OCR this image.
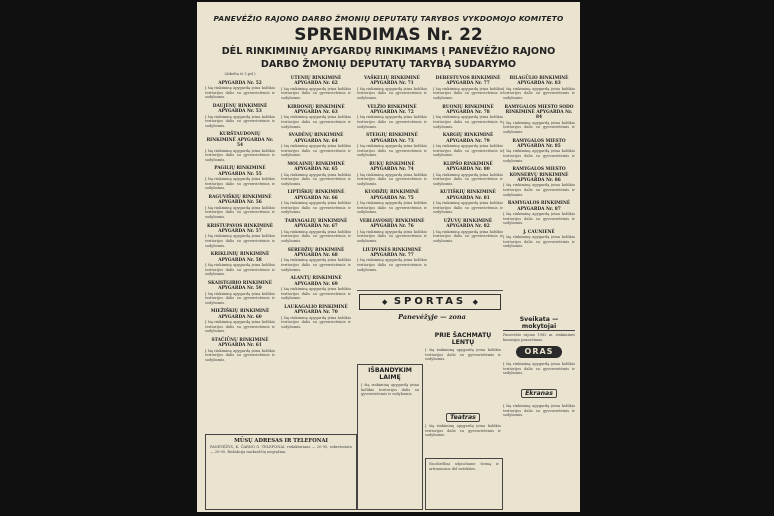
PANEVĖŽIO RAJONO DARBO ŽMONIŲ DEPUTATŲ TARYBOS VYKDOMOJO KOMITETO
SPRENDIMAS Nr. 22
DĖL RINKIMINIŲ APYGARDŲ RINKIMAMS Į PANEVĖŽIO RAJONO
DARBO ŽMONIŲ DEPUTATŲ TARYBĄ SUDARYMO
(Atkelta iš 3 psl.)
APYGARDA Nr. 52
Į šią rinkiminę apygardą įeina kolūkio teritorijos dalis su gyvenvietėmis ir sodybomis.
DAUJĖNŲ RINKIMINĖ APYGARDA Nr. 53
Į šią rinkiminę apygardą įeina kolūkio teritorijos dalis su gyvenvietėmis ir sodybomis.
KURŠTAUDONIŲ RINKIMINĖ APYGARDA Nr. 54
Į šią rinkiminę apygardą įeina kolūkio teritorijos dalis su gyvenvietėmis ir sodybomis.
PAGILIŲ RINKIMINĖ APYGARDA Nr. 55
Į šią rinkiminę apygardą įeina kolūkio teritorijos dalis su gyvenvietėmis ir sodybomis.
RAGUVIŠKIŲ RINKIMINĖ APYGARDA Nr. 56
Į šią rinkiminę apygardą įeina kolūkio teritorijos dalis su gyvenvietėmis ir sodybomis.
KRISTUPAVOS RINKIMINĖ APYGARDA Nr. 57
Į šią rinkiminę apygardą įeina kolūkio teritorijos dalis su gyvenvietėmis ir sodybomis.
KRIKLINIŲ RINKIMINĖ APYGARDA Nr. 58
Į šią rinkiminę apygardą įeina kolūkio teritorijos dalis su gyvenvietėmis ir sodybomis.
SKAISTGIRIO RINKIMINĖ APYGARDA Nr. 59
Į šią rinkiminę apygardą įeina kolūkio teritorijos dalis su gyvenvietėmis ir sodybomis.
MIEŽIŠKIŲ RINKIMINĖ APYGARDA Nr. 60
Į šią rinkiminę apygardą įeina kolūkio teritorijos dalis su gyvenvietėmis ir sodybomis.
STAČIŪNŲ RINKIMINĖ APYGARDA Nr. 61
Į šią rinkiminę apygardą įeina kolūkio teritorijos dalis su gyvenvietėmis ir sodybomis.
UTENIŲ RINKIMINĖ APYGARDA Nr. 62
Į šią rinkiminę apygardą įeina kolūkio teritorijos dalis su gyvenvietėmis ir sodybomis.
KIRDONIŲ RINKIMINĖ APYGARDA Nr. 63
Į šią rinkiminę apygardą įeina kolūkio teritorijos dalis su gyvenvietėmis ir sodybomis.
SVADĖNŲ RINKIMINĖ APYGARDA Nr. 64
Į šią rinkiminę apygardą įeina kolūkio teritorijos dalis su gyvenvietėmis ir sodybomis.
MOLAINIŲ RINKIMINĖ APYGARDA Nr. 65
Į šią rinkiminę apygardą įeina kolūkio teritorijos dalis su gyvenvietėmis ir sodybomis.
LIPTIŠKIŲ RINKIMINĖ APYGARDA Nr. 66
Į šią rinkiminę apygardą įeina kolūkio teritorijos dalis su gyvenvietėmis ir sodybomis.
TARVAGALIŲ RINKIMINĖ APYGARDA Nr. 67
Į šią rinkiminę apygardą įeina kolūkio teritorijos dalis su gyvenvietėmis ir sodybomis.
SEREDŽIŲ RINKIMINĖ APYGARDA Nr. 68
Į šią rinkiminę apygardą įeina kolūkio teritorijos dalis su gyvenvietėmis ir sodybomis.
ALANTŲ RINKIMINĖ APYGARDA Nr. 69
Į šią rinkiminę apygardą įeina kolūkio teritorijos dalis su gyvenvietėmis ir sodybomis.
LAUKAGALIO RINKIMINĖ APYGARDA Nr. 70
Į šią rinkiminę apygardą įeina kolūkio teritorijos dalis su gyvenvietėmis ir sodybomis.
VAŠKELIŲ RINKIMINĖ APYGARDA Nr. 71
Į šią rinkiminę apygardą įeina kolūkio teritorijos dalis su gyvenvietėmis ir sodybomis.
VELŽIO RINKIMINĖ APYGARDA Nr. 72
Į šią rinkiminę apygardą įeina kolūkio teritorijos dalis su gyvenvietėmis ir sodybomis.
STEIGIŲ RINKIMINĖ APYGARDA Nr. 73
Į šią rinkiminę apygardą įeina kolūkio teritorijos dalis su gyvenvietėmis ir sodybomis.
RUKŲ RINKIMINĖ APYGARDA Nr. 74
Į šią rinkiminę apygardą įeina kolūkio teritorijos dalis su gyvenvietėmis ir sodybomis.
KUODŽIŲ RINKIMINĖ APYGARDA Nr. 75
Į šią rinkiminę apygardą įeina kolūkio teritorijos dalis su gyvenvietėmis ir sodybomis.
VEBLIAVOSIŲ RINKIMINĖ APYGARDA Nr. 76
Į šią rinkiminę apygardą įeina kolūkio teritorijos dalis su gyvenvietėmis ir sodybomis.
LIUDVINĖS RINKIMINĖ APYGARDA Nr. 77
Į šią rinkiminę apygardą įeina kolūkio teritorijos dalis su gyvenvietėmis ir sodybomis.
DEBESTUVOS RINKIMINĖ APYGARDA Nr. 77
Į šią rinkiminę apygardą įeina kolūkio teritorijos dalis su gyvenvietėmis ir sodybomis.
RUONIŲ RINKIMINĖ APYGARDA Nr. 78
Į šią rinkiminę apygardą įeina kolūkio teritorijos dalis su gyvenvietėmis ir sodybomis.
KARGIŲ RINKIMINĖ APYGARDA Nr. 79
Į šią rinkiminę apygardą įeina kolūkio teritorijos dalis su gyvenvietėmis ir sodybomis.
KLIPŠO RINKIMINĖ APYGARDA Nr. 80
Į šią rinkiminę apygardą įeina kolūkio teritorijos dalis su gyvenvietėmis ir sodybomis.
KUTIŠKIŲ RINKIMINĖ APYGARDA Nr. 81
Į šią rinkiminę apygardą įeina kolūkio teritorijos dalis su gyvenvietėmis ir sodybomis.
UŽUVŲ RINKIMINĖ APYGARDA Nr. 82
Į šią rinkiminę apygardą įeina kolūkio teritorijos dalis su gyvenvietėmis ir sodybomis.
BILAGŪLIO RINKIMINĖ APYGARDA Nr. 83
Į šią rinkiminę apygardą įeina kolūkio teritorijos dalis su gyvenvietėmis ir sodybomis.
RAMYGALOS MIESTO SODO RINKIMINĖ APYGARDA Nr. 84
Į šią rinkiminę apygardą įeina kolūkio teritorijos dalis su gyvenvietėmis ir sodybomis.
RAMYGALOS MIESTO APYGARDA Nr. 85
Į šią rinkiminę apygardą įeina kolūkio teritorijos dalis su gyvenvietėmis ir sodybomis.
RAMYGALOS MIESTO KONSERVŲ RINKIMINĖ APYGARDA Nr. 86
Į šią rinkiminę apygardą įeina kolūkio teritorijos dalis su gyvenvietėmis ir sodybomis.
RAMYGALOS RINKIMINĖ APYGARDA Nr. 87
Į šią rinkiminę apygardą įeina kolūkio teritorijos dalis su gyvenvietėmis ir sodybomis.
J. CAUNIENĖ
Į šią rinkiminę apygardą įeina kolūkio teritorijos dalis su gyvenvietėmis ir sodybomis.
◆ SPORTAS ◆
Panevėžyje — zona
IŠBANDYKIM LAIMĘ
Į šią rinkiminę apygardą įeina kolūkio teritorijos dalis su gyvenvietėmis ir sodybomis.
PRIE ŠACHMATŲ LENTŲ
Į šią rinkiminę apygardą įeina kolūkio teritorijos dalis su gyvenvietėmis ir sodybomis.
Teatras
Į šią rinkiminę apygardą įeina kolūkio teritorijos dalis su gyvenvietėmis ir sodybomis.
Nuoširdžiai užjaučiame šeimą ir artimuosius dėl netekties.
Sveikata — mokytojai
Panevėžio rajono 1982 m. rinkiminės komisijos pranešimas.
ORAS
Į šią rinkiminę apygardą įeina kolūkio teritorijos dalis su gyvenvietėmis ir sodybomis.
Ekranas
Į šią rinkiminę apygardą įeina kolūkio teritorijos dalis su gyvenvietėmis ir sodybomis.
MŪSŲ ADRESAS IR TELEFONAI
PANEVĖŽYS, K. ČARNO G. TELEFONAI: redaktoriaus — 20-95, sekretoriato — 20-05. Redakcija rankraščių negrąžina.
